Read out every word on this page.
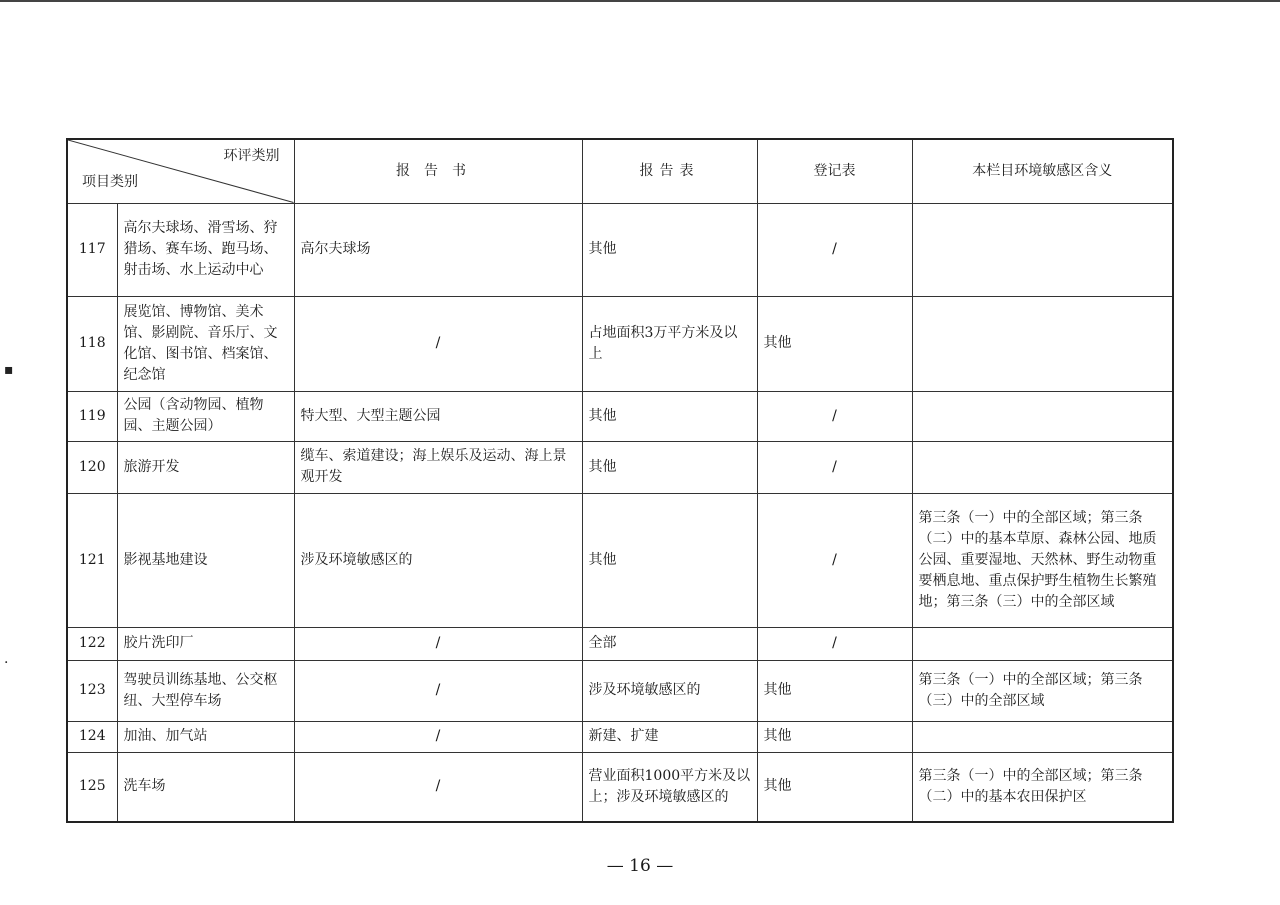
▪
·
环评类别
项目类别		报告书	报告表	登记表	本栏目环境敏感区含义
117	高尔夫球场、滑雪场、狩猎场、赛车场、跑马场、射击场、水上运动中心	高尔夫球场	其他	/	
118	展览馆、博物馆、美术馆、影剧院、音乐厅、文化馆、图书馆、档案馆、纪念馆	/	占地面积3万平方米及以上	其他	
119	公园（含动物园、植物园、主题公园）	特大型、大型主题公园	其他	/	
120	旅游开发	缆车、索道建设；海上娱乐及运动、海上景观开发	其他	/	
121	影视基地建设	涉及环境敏感区的	其他	/	第三条（一）中的全部区域；第三条（二）中的基本草原、森林公园、地质公园、重要湿地、天然林、野生动物重要栖息地、重点保护野生植物生长繁殖地；第三条（三）中的全部区域
122	胶片洗印厂	/	全部	/	
123	驾驶员训练基地、公交枢纽、大型停车场	/	涉及环境敏感区的	其他	第三条（一）中的全部区域；第三条（三）中的全部区域
124	加油、加气站	/	新建、扩建	其他	
125	洗车场	/	营业面积1000平方米及以上；涉及环境敏感区的	其他	第三条（一）中的全部区域；第三条（二）中的基本农田保护区
— 16 —
